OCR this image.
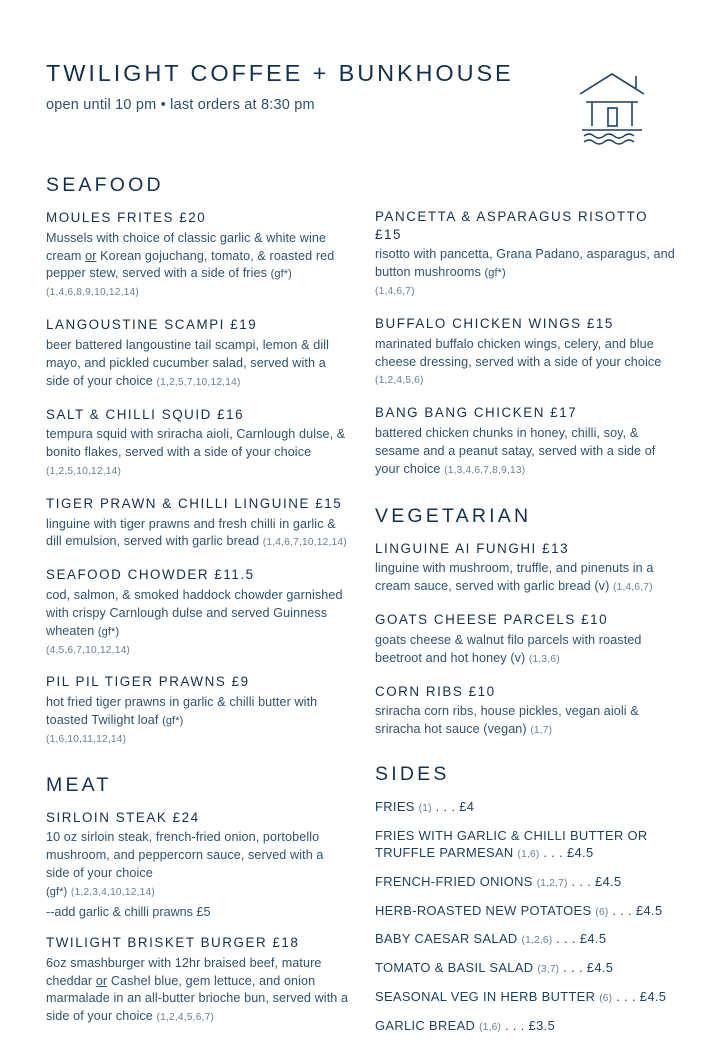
TWILIGHT COFFEE + BUNKHOUSE

open until 10 pm • last orders at 8:30 pm

SEAFOOD

MOULES FRITES £20

Mussels with choice of classic garlic & white wine cream or Korean gojuchang, tomato, & roasted red pepper stew, served with a side of fries (gf*) (1,4,6,8,9,10,12,14)

LANGOUSTINE SCAMPI £19

beer battered langoustine tail scampi, lemon & dill mayo, and pickled cucumber salad, served with a side of your choice (1,2,5,7,10,12,14)

SALT & CHILLI SQUID £16

tempura squid with sriracha aioli, Carnlough dulse, & bonito flakes, served with a side of your choice (1,2,5,10,12,14)

TIGER PRAWN & CHILLI LINGUINE £15

linguine with tiger prawns and fresh chilli in garlic & dill emulsion, served with garlic bread (1,4,6,7,10,12,14)

SEAFOOD CHOWDER £11.5

cod, salmon, & smoked haddock chowder garnished with crispy Carnlough dulse and served Guinness wheaten (gf*)
(4,5,6,7,10,12,14)

PIL PIL TIGER PRAWNS £9

hot fried tiger prawns in garlic & chilli butter with toasted Twilight loaf (gf*)
(1,6,10,11,12,14)

MEAT

SIRLOIN STEAK £24

10 oz sirloin steak, french-fried onion, portobello mushroom, and peppercorn sauce, served with a side of your choice
(gf*) (1,2,3,4,10,12,14)

--add garlic & chilli prawns £5

TWILIGHT BRISKET BURGER £18

6oz smashburger with 12hr braised beef, mature cheddar or Cashel blue, gem lettuce, and onion marmalade in an all-butter brioche bun, served with a side of your choice (1,2,4,5,6,7)

PANCETTA & ASPARAGUS RISOTTO £15

risotto with pancetta, Grana Padano, asparagus, and button mushrooms (gf*)
(1,4,6,7)

BUFFALO CHICKEN WINGS £15

marinated buffalo chicken wings, celery, and blue cheese dressing, served with a side of your choice (1,2,4,5,6)

BANG BANG CHICKEN £17

battered chicken chunks in honey, chilli, soy, & sesame and a peanut satay, served with a side of your choice (1,3,4,6,7,8,9,13)

VEGETARIAN

LINGUINE AI FUNGHI £13

linguine with mushroom, truffle, and pinenuts in a cream sauce, served with garlic bread (v) (1,4,6,7)

GOATS CHEESE PARCELS £10

goats cheese & walnut filo parcels with roasted beetroot and hot honey (v) (1,3,6)

CORN RIBS £10

sriracha corn ribs, house pickles, vegan aioli & sriracha hot sauce (vegan) (1,7)

SIDES
FRIES (1) . . . £4
FRIES WITH GARLIC & CHILLI BUTTER OR TRUFFLE PARMESAN (1,6) . . . £4.5
FRENCH-FRIED ONIONS (1,2,7) . . . £4.5
HERB-ROASTED NEW POTATOES (6) . . . £4.5
BABY CAESAR SALAD (1,2,6) . . . £4.5
TOMATO & BASIL SALAD (3,7) . . . £4.5
SEASONAL VEG IN HERB BUTTER (6) . . . £4.5
GARLIC BREAD (1,6) . . . £3.5
